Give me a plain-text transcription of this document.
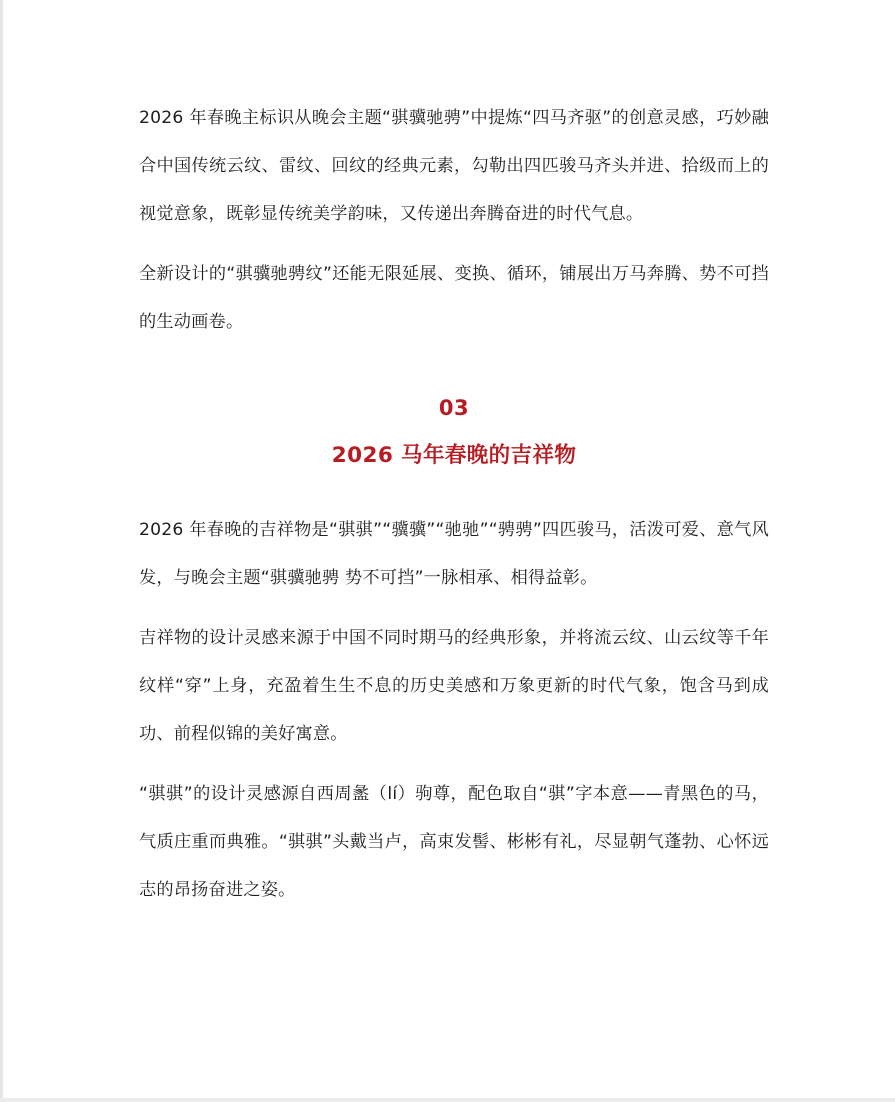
2026 年春晚主标识从晚会主题“骐骥驰骋”中提炼“四马齐驱”的创意灵感，巧妙融合中国传统云纹、雷纹、回纹的经典元素，勾勒出四匹骏马齐头并进、拾级而上的视觉意象，既彰显传统美学韵味，又传递出奔腾奋进的时代气息。

全新设计的“骐骥驰骋纹”还能无限延展、变换、循环，铺展出万马奔腾、势不可挡的生动画卷。

03

2026 马年春晚的吉祥物

2026 年春晚的吉祥物是“骐骐”“骥骥”“驰驰”“骋骋”四匹骏马，活泼可爱、意气风发，与晚会主题“骐骥驰骋 势不可挡”一脉相承、相得益彰。

吉祥物的设计灵感来源于中国不同时期马的经典形象，并将流云纹、山云纹等千年纹样“穿”上身，充盈着生生不息的历史美感和万象更新的时代气象，饱含马到成功、前程似锦的美好寓意。

“骐骐”的设计灵感源自西周盠（lí）驹尊，配色取自“骐”字本意——青黑色的马，气质庄重而典雅。“骐骐”头戴当卢，高束发髻、彬彬有礼，尽显朝气蓬勃、心怀远志的昂扬奋进之姿。
